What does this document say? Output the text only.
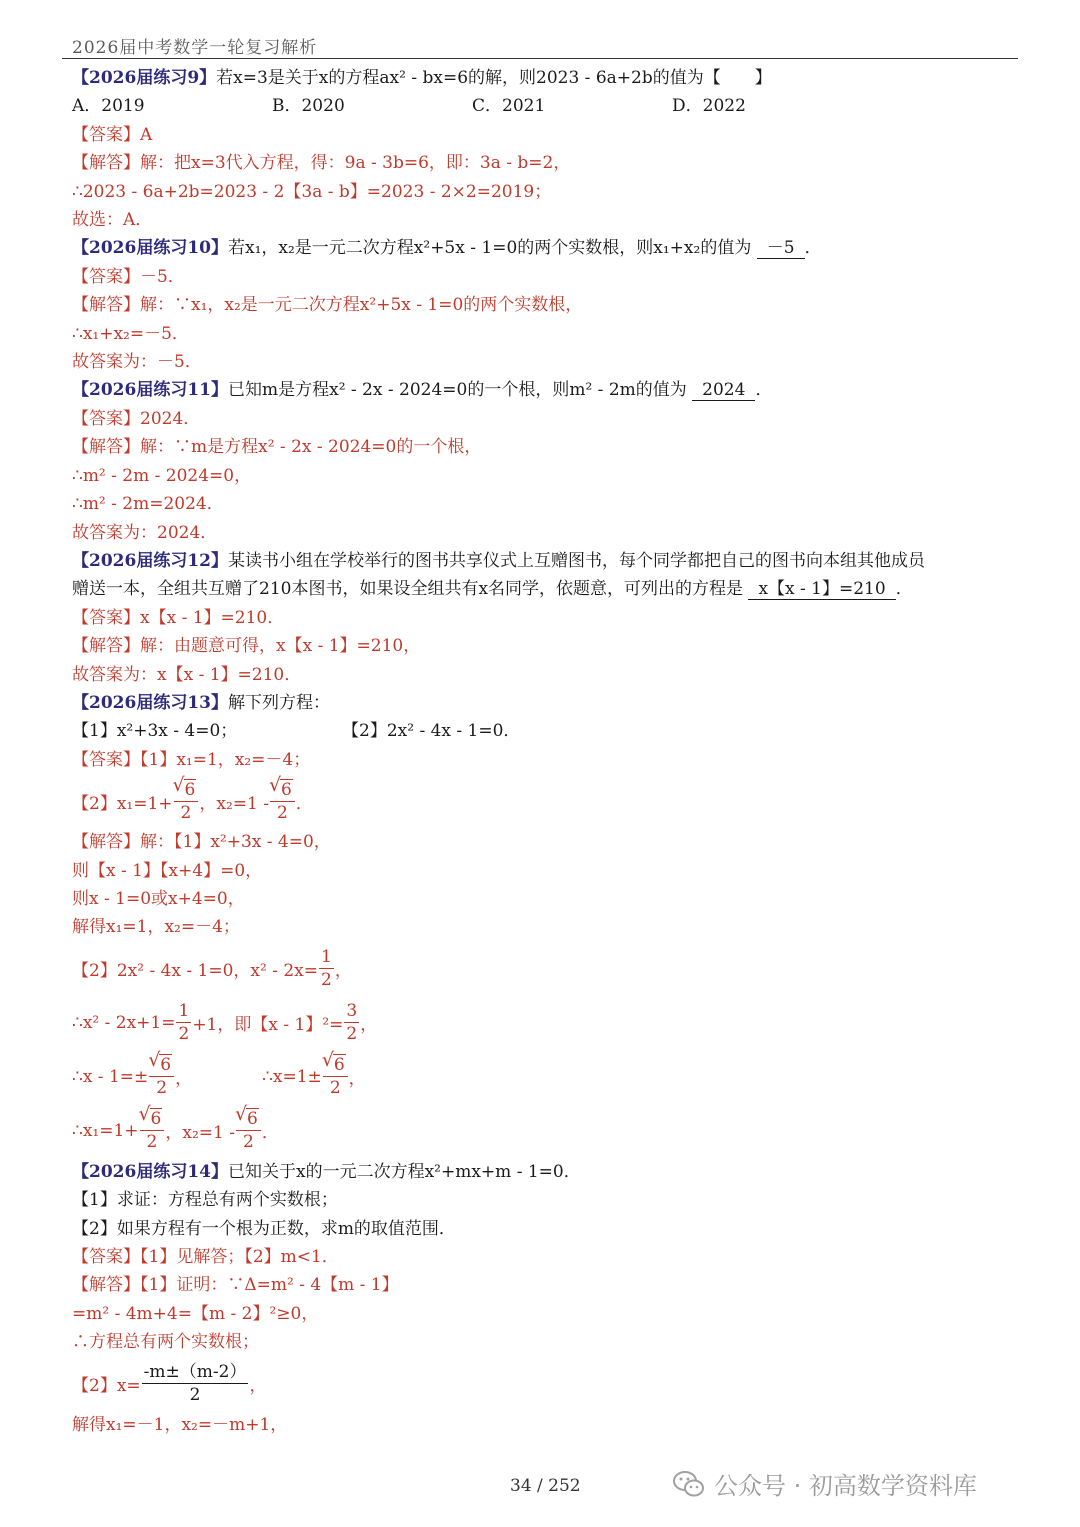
2026届中考数学一轮复习解析
【2026届练习9】若x=3是关于x的方程ax² - bx=6的解，则2023 - 6a+2b的值为【　　】
A．2019	B．2020	C．2021	D．2022
【答案】A
【解答】解：把x=3代入方程，得：9a - 3b=6，即：3a - b=2，
∴2023 - 6a+2b=2023 - 2【3a - b】=2023 - 2×2=2019；
故选：A．
【2026届练习10】若x₁，x₂是一元二次方程x²+5x - 1=0的两个实数根，则x₁+x₂的值为 －5 ．
【答案】－5．
【解答】解：∵x₁，x₂是一元二次方程x²+5x - 1=0的两个实数根，
∴x₁+x₂=－5．
故答案为：－5．
【2026届练习11】已知m是方程x² - 2x - 2024=0的一个根，则m² - 2m的值为 2024 ．
【答案】2024．
【解答】解：∵m是方程x² - 2x - 2024=0的一个根，
∴m² - 2m - 2024=0，
∴m² - 2m=2024．
故答案为：2024．
【2026届练习12】某读书小组在学校举行的图书共享仪式上互赠图书，每个同学都把自己的图书向本组其他成员
赠送一本，全组共互赠了210本图书，如果设全组共有x名同学，依题意，可列出的方程是 x【x - 1】=210 ．
【答案】x【x - 1】=210．
【解答】解：由题意可得，x【x - 1】=210，
故答案为：x【x - 1】=210．
【2026届练习13】解下列方程：
【1】x²+3x - 4=0；	【2】2x² - 4x - 1=0．
【答案】【1】x₁=1，x₂=－4；
【2】x₁=1+ √ $\frac{6}{2}$ ，x₂=1 - √ $\frac{6}{2}$ ．
【解答】解：【1】x²+3x - 4=0，
则【x - 1】【x+4】=0，
则x - 1=0或x+4=0，
解得x₁=1，x₂=－4；
【2】2x² - 4x - 1=0，$x^2 - 2x= \frac{1}{2}$ ，
∴x² - $2x+1= \frac{1}{2} +1$，即【x - 1】$^2= \frac{3}{2}$ ，
∴x - 1=± √ $\frac{6}{2}$ ，	∴x=1± √ $\frac{6}{2}$ ，
∴x₁=1+ √ $\frac{6}{2}$ ，x₂=1 - √ $\frac{6}{2}$ ．
【2026届练习14】已知关于x的一元二次方程x²+mx+m - 1=0．
【1】求证：方程总有两个实数根；
【2】如果方程有一个根为正数，求m的取值范围．
【答案】【1】见解答；【2】m<1．
【解答】【1】证明：∵Δ=m² - 4【m - 1】
=m² - 4m+4=【m - 2】²≥0，
∴方程总有两个实数根；
【2】$x= \frac{-m\pm(m-2)}{2}$ ，
解得x₁=－1，x₂=－m+1，
34 / 252	公众号 · 初高数学资料库
